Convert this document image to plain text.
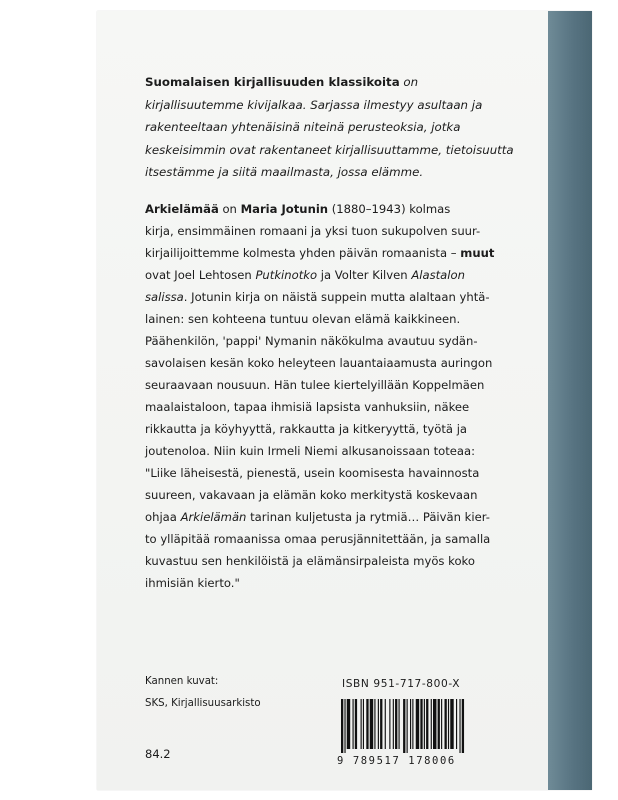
Suomalaisen kirjallisuuden klassikoita on kirjallisuutemme kivijalkaa. Sarjassa ilmestyy asultaan ja rakenteeltaan yhtenäisinä niteinä perusteoksia, jotka keskeisimmin ovat rakentaneet kirjallisuuttamme, tietoisuutta itsestämme ja siitä maailmasta, jossa elämme.

Arkielämää on Maria Jotunin (1880–1943) kolmas
kirja, ensimmäinen romaani ja yksi tuon sukupolven suur-
kirjailijoittemme kolmesta yhden päivän romaanista – muut
ovat Joel Lehtosen Putkinotko ja Volter Kilven Alastalon
salissa. Jotunin kirja on näistä suppein mutta alaltaan yhtä-
lainen: sen kohteena tuntuu olevan elämä kaikkineen.
Päähenkilön, 'pappi' Nymanin näkökulma avautuu sydän-
savolaisen kesän koko heleyteen lauantaiaamusta auringon
seuraavaan nousuun. Hän tulee kiertelyillään Koppelmäen
maalaistaloon, tapaa ihmisiä lapsista vanhuksiin, näkee
rikkautta ja köyhyyttä, rakkautta ja kitkeryyttä, työtä ja
joutenoloa. Niin kuin Irmeli Niemi alkusanoissaan toteaa:
"Liike läheisestä, pienestä, usein koomisesta havainnosta
suureen, vakavaan ja elämän koko merkitystä koskevaan
ohjaa Arkielämän tarinan kuljetusta ja rytmiä… Päivän kier-
to ylläpitää romaanissa omaa perusjännitettään, ja samalla
kuvastuu sen henkilöistä ja elämänsirpaleista myös koko
ihmisiän kierto."
Kannen kuvat:
SKS, Kirjallisuusarkisto
84.2
ISBN 951-717-800-X
9 789517 178006
